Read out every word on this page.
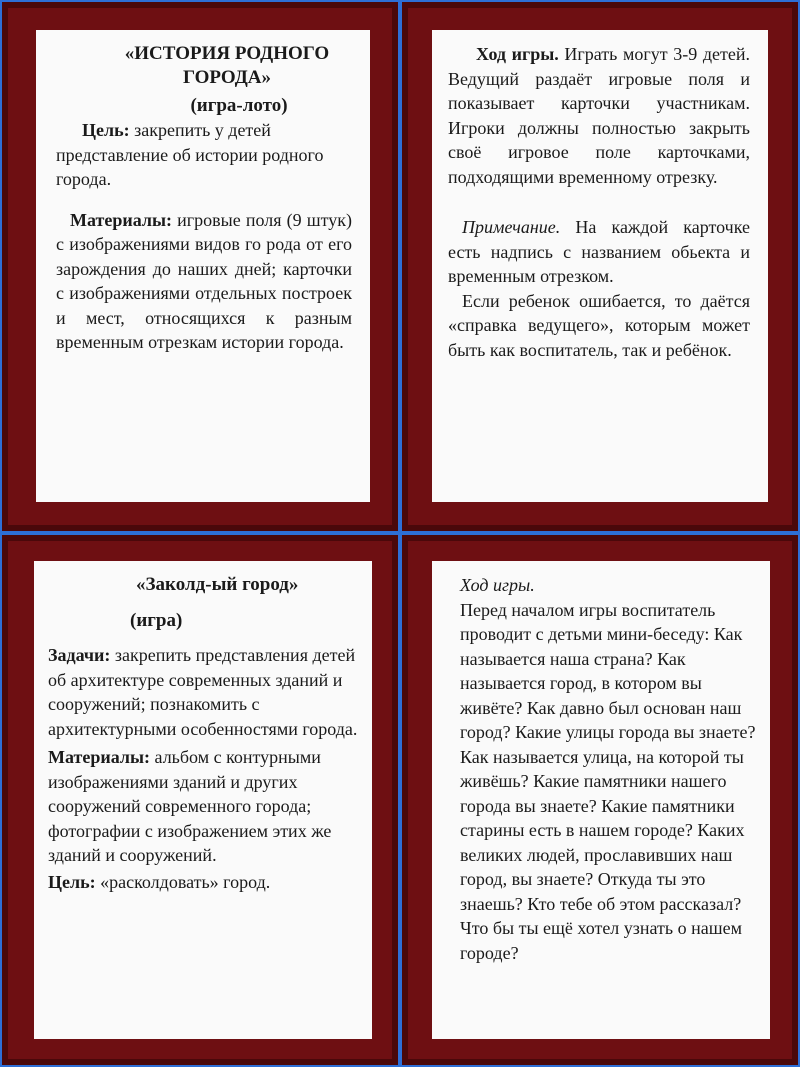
«ИСТОРИЯ РОДНОГО ГОРОДА»

(игра-лото)

Цель: закрепить у детей представление об истории родного города.

Материалы: игровые поля (9 штук) с изображениями видов го рода от его зарождения до наших дней; карточки с изображениями отдельных построек и мест, относящихся к разным временным отрезкам истории города.

Ход игры. Играть могут 3-9 детей. Ведущий раздаёт игровые поля и показывает карточки участникам. Игроки должны полностью закрыть своё игровое поле карточками, подходящими временному отрезку.

Примечание. На каждой карточке есть надпись с названием обьекта и временным отрезком.

Если ребенок ошибается, то даётся «справка ведущего», которым может быть как воспитатель, так и ребёнок.

«Заколд-ый город»

(игра)

Задачи: закрепить представления детей об архитектуре современных зданий и сооружений; познакомить с архитектурными особенностями города.

Материалы: альбом с контурными изображениями зданий и других сооружений современного города; фотографии с изображением этих же зданий и сооружений.

Цель: «расколдовать» город.

Ход игры.

Перед началом игры воспитатель проводит с детьми мини-беседу: Как называется наша страна? Как называется город, в котором вы живёте? Как давно был основан наш город? Какие улицы города вы знаете? Как называется улица, на которой ты живёшь? Какие памятники нашего города вы знаете? Какие памятники старины есть в нашем городе? Каких великих людей, прославивших наш город, вы знаете? Откуда ты это знаешь? Кто тебе об этом рассказал? Что бы ты ещё хотел узнать о нашем городе?
